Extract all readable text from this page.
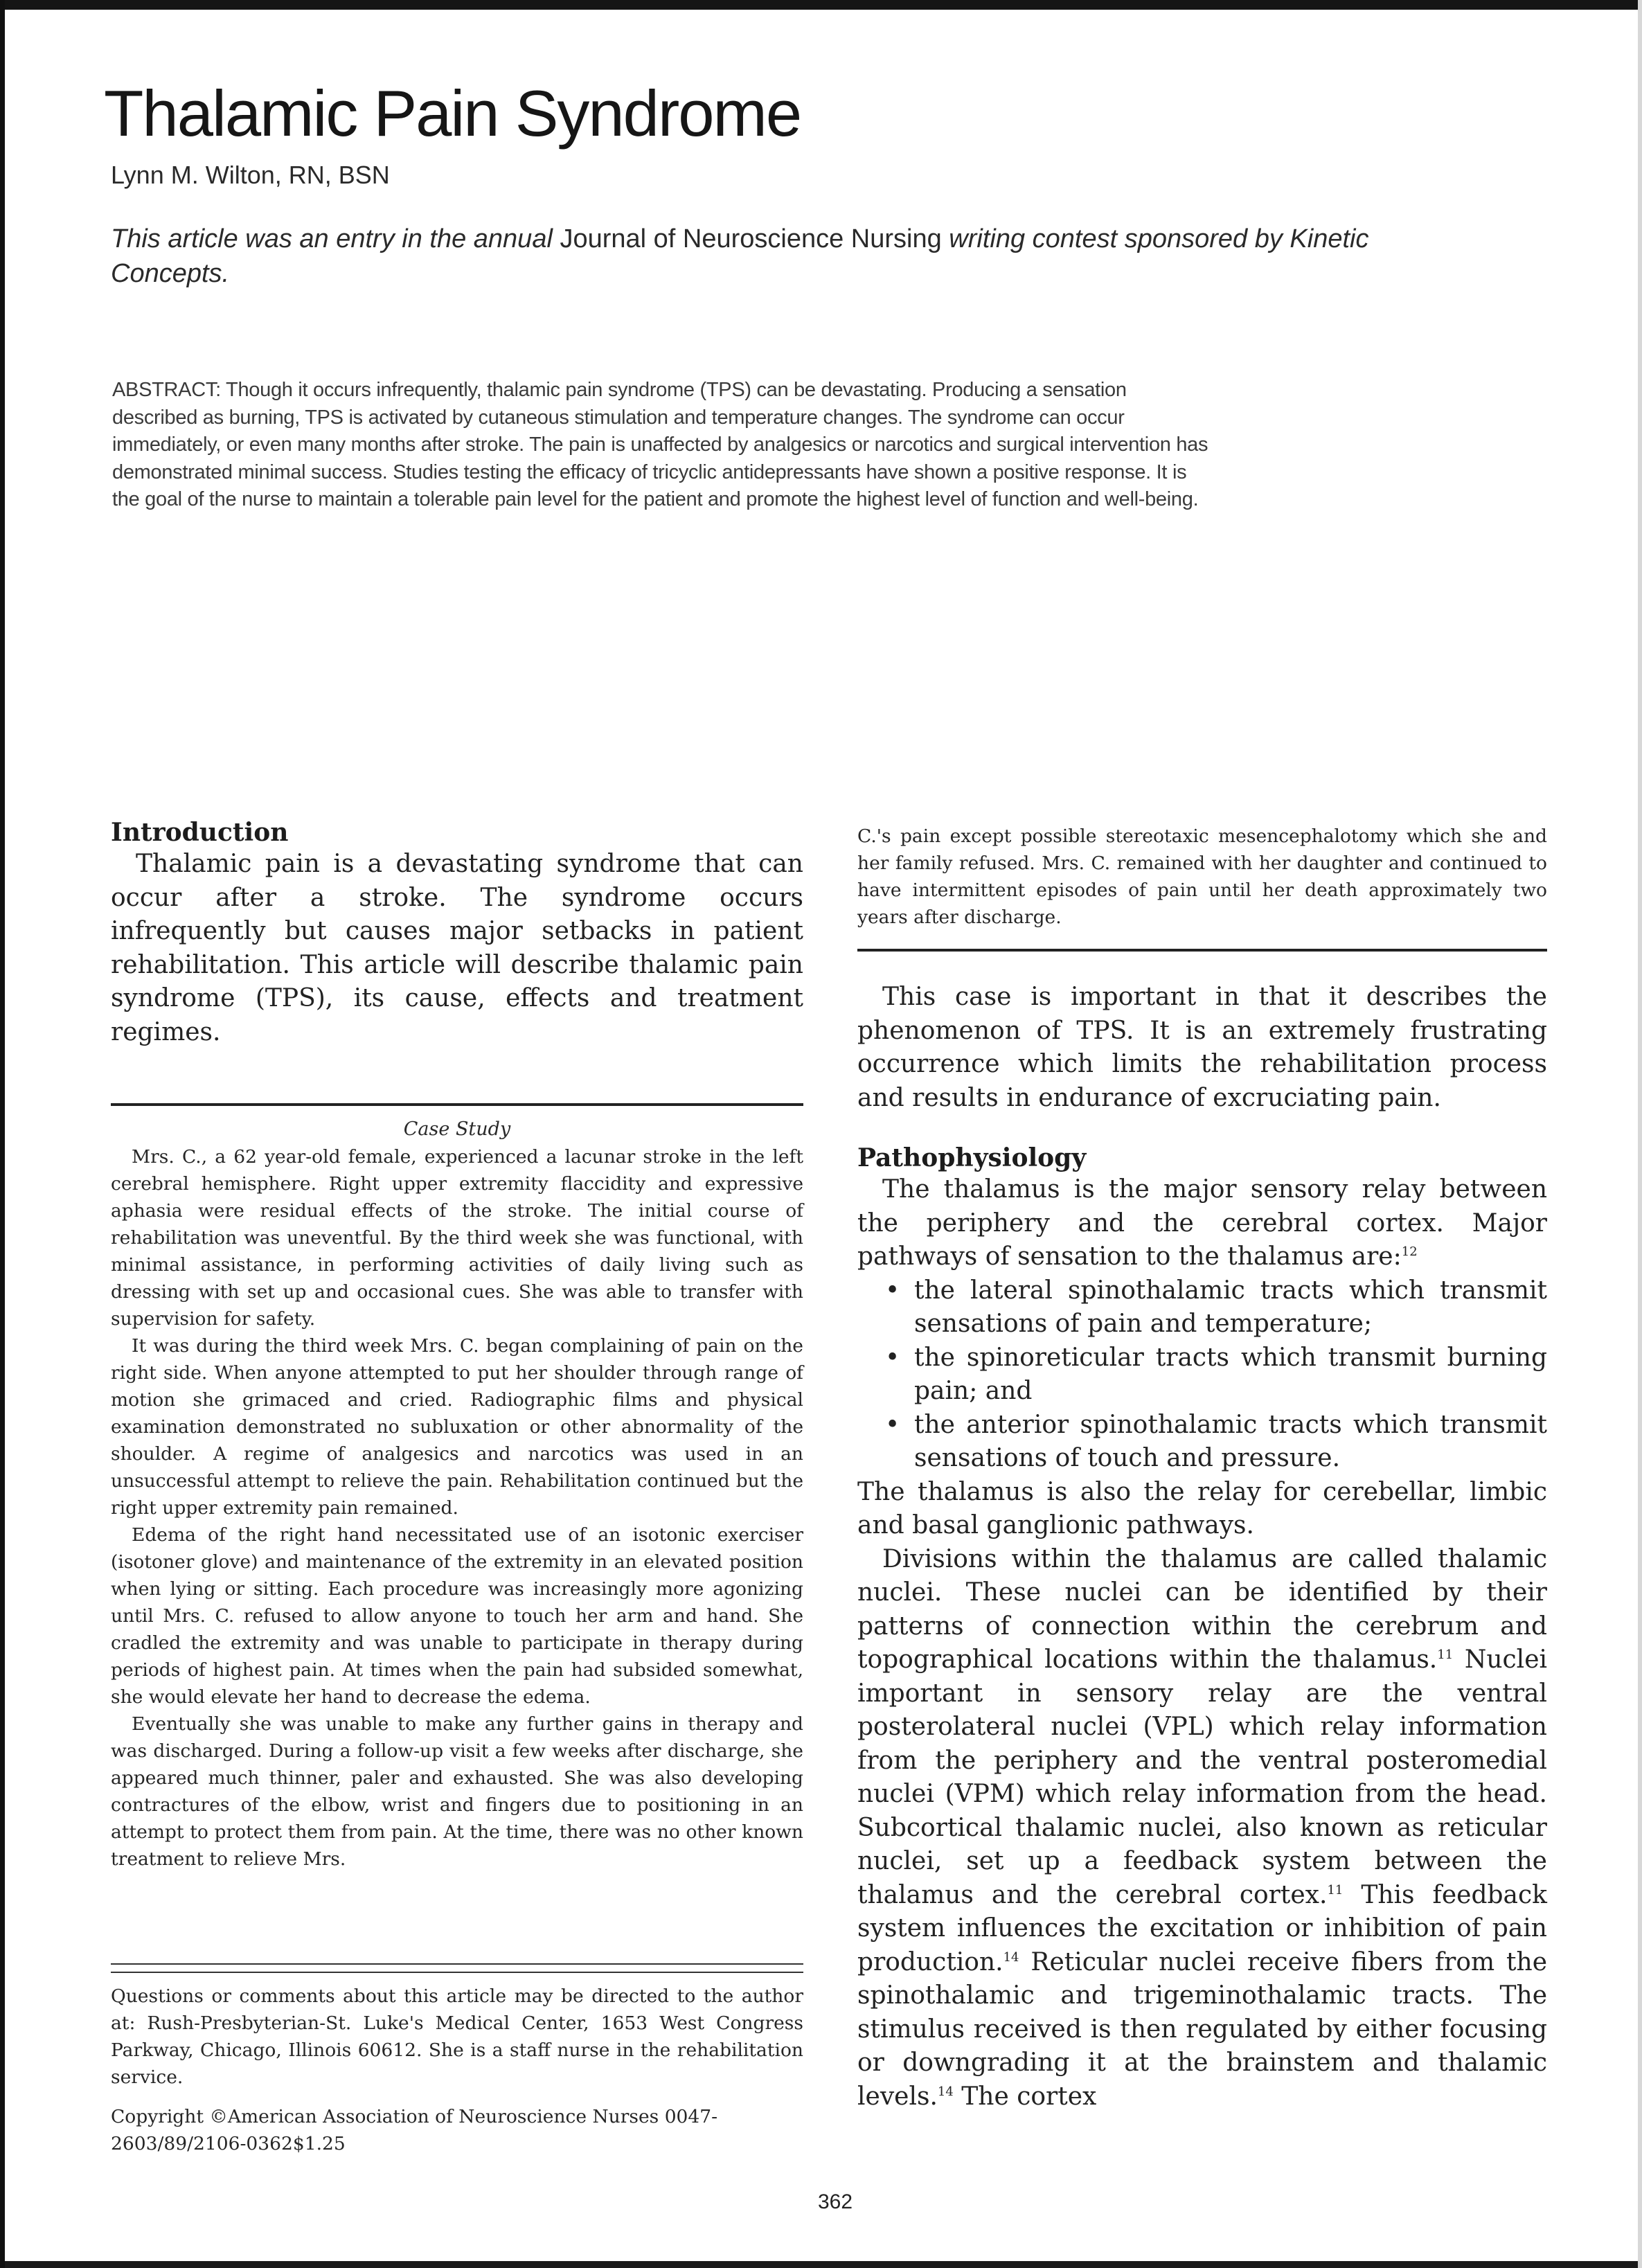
Thalamic Pain Syndrome
Lynn M. Wilton, RN, BSN
This article was an entry in the annual Journal of Neuroscience Nursing writing contest sponsored by Kinetic Concepts.
ABSTRACT: Though it occurs infrequently, thalamic pain syndrome (TPS) can be devastating. Producing a sensation described as burning, TPS is activated by cutaneous stimulation and temperature changes. The syndrome can occur immediately, or even many months after stroke. The pain is unaffected by analgesics or narcotics and surgical intervention has demonstrated minimal success. Studies testing the efficacy of tricyclic antidepressants have shown a positive response. It is the goal of the nurse to maintain a tolerable pain level for the patient and promote the highest level of function and well-being.
Introduction

Thalamic pain is a devastating syndrome that can occur after a stroke. The syndrome occurs infrequently but causes major setbacks in patient rehabilitation. This article will describe thalamic pain syndrome (TPS), its cause, effects and treatment regimes.

Case Study

Mrs. C., a 62 year-old female, experienced a lacunar stroke in the left cerebral hemisphere. Right upper extremity flaccidity and expressive aphasia were residual effects of the stroke. The initial course of rehabilitation was uneventful. By the third week she was functional, with minimal assistance, in performing activities of daily living such as dressing with set up and occasional cues. She was able to transfer with supervision for safety.

It was during the third week Mrs. C. began complaining of pain on the right side. When anyone attempted to put her shoulder through range of motion she grimaced and cried. Radiographic films and physical examination demonstrated no subluxation or other abnormality of the shoulder. A regime of analgesics and narcotics was used in an unsuccessful attempt to relieve the pain. Rehabilitation continued but the right upper extremity pain remained.

Edema of the right hand necessitated use of an isotonic exerciser (isotoner glove) and maintenance of the extremity in an elevated position when lying or sitting. Each procedure was increasingly more agonizing until Mrs. C. refused to allow anyone to touch her arm and hand. She cradled the extremity and was unable to participate in therapy during periods of highest pain. At times when the pain had subsided somewhat, she would elevate her hand to decrease the edema.

Eventually she was unable to make any further gains in therapy and was discharged. During a follow-up visit a few weeks after discharge, she appeared much thinner, paler and exhausted. She was also developing contractures of the elbow, wrist and fingers due to positioning in an attempt to protect them from pain. At the time, there was no other known treatment to relieve Mrs.

Questions or comments about this article may be directed to the author at: Rush-Presbyterian-St. Luke's Medical Center, 1653 West Congress Parkway, Chicago, Illinois 60612. She is a staff nurse in the rehabilitation service.

Copyright ©American Association of Neuroscience Nurses 0047-2603/89/2106-0362$1.25

C.'s pain except possible stereotaxic mesencephalotomy which she and her family refused. Mrs. C. remained with her daughter and continued to have intermittent episodes of pain until her death approximately two years after discharge.

This case is important in that it describes the phenomenon of TPS. It is an extremely frustrating occurrence which limits the rehabilitation process and results in endurance of excruciating pain.

Pathophysiology

The thalamus is the major sensory relay between the periphery and the cerebral cortex. Major pathways of sensation to the thalamus are:$^{12}$

• the lateral spinothalamic tracts which transmit sensations of pain and temperature;
• the spinoreticular tracts which transmit burning pain; and
• the anterior spinothalamic tracts which transmit sensations of touch and pressure.

The thalamus is also the relay for cerebellar, limbic and basal ganglionic pathways.

Divisions within the thalamus are called thalamic nuclei. These nuclei can be identified by their patterns of connection within the cerebrum and topographical locations within the thalamus.$^{11}$ Nuclei important in sensory relay are the ventral posterolateral nuclei (VPL) which relay information from the periphery and the ventral posteromedial nuclei (VPM) which relay information from the head. Subcortical thalamic nuclei, also known as reticular nuclei, set up a feedback system between the thalamus and the cerebral cortex.$^{11}$ This feedback system influences the excitation or inhibition of pain production.$^{14}$ Reticular nuclei receive fibers from the spinothalamic and trigeminothalamic tracts. The stimulus received is then regulated by either focusing or downgrading it at the brainstem and thalamic levels.$^{14}$ The cortex

362
